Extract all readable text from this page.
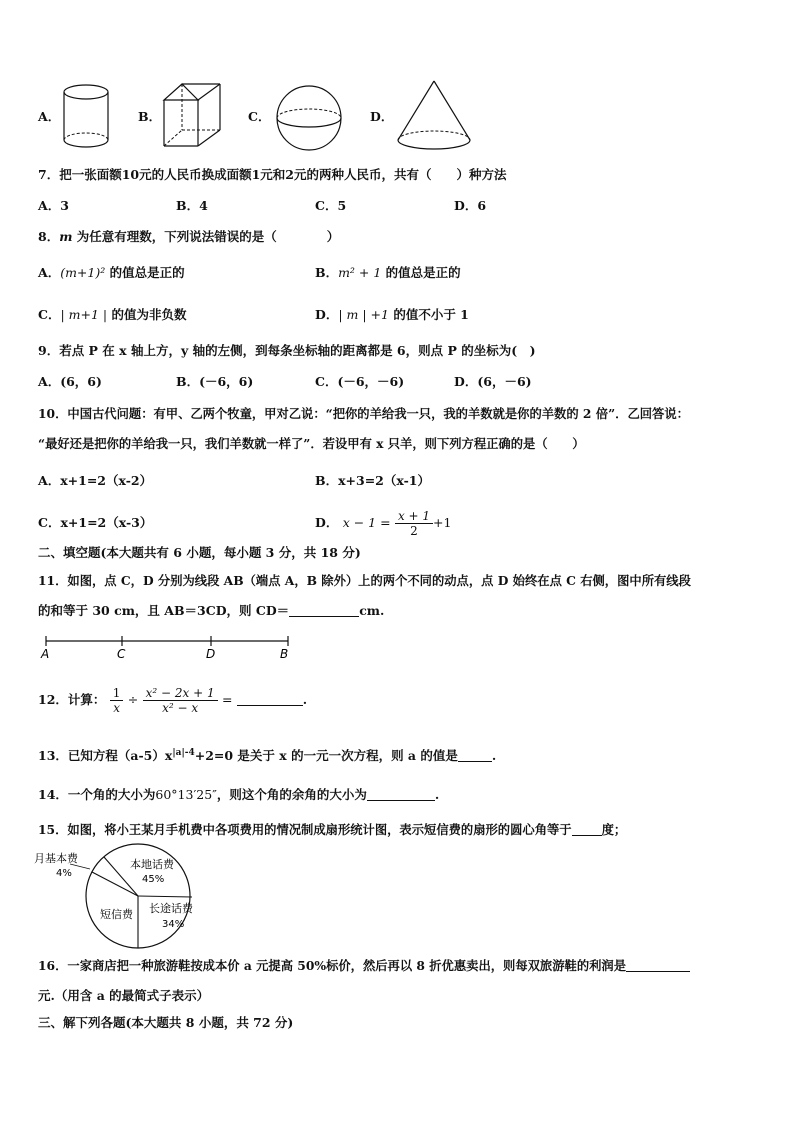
A．	B．	C．	D．
7．把一张面额10元的人民币换成面额1元和2元的两种人民币，共有（　　）种方法
A．3	B．4	C．5	D．6
8．m 为任意有理数，下列说法错误的是（　　　　）
A．(m+1)² 的值总是正的	B．m² + 1 的值总是正的
C．| m+1 | 的值为非负数	D．| m | +1 的值不小于 1
9．若点 P 在 x 轴上方，y 轴的左侧，到每条坐标轴的距离都是 6，则点 P 的坐标为(　)
A．(6，6)	B．(－6，6)	C．(－6，－6)	D．(6，－6)
10．中国古代问题：有甲、乙两个牧童，甲对乙说：“把你的羊给我一只，我的羊数就是你的羊数的 2 倍”．乙回答说：
“最好还是把你的羊给我一只，我们羊数就一样了”．若设甲有 x 只羊，则下列方程正确的是（　　）
A．x+1=2（x-2）	B．x+3=2（x-1）
C．x+1=2（x-3）	D． $x - 1 = \frac{x + 1}{2} +1$
二、填空题(本大题共有 6 小题，每小题 3 分，共 18 分)
11．如图，点 C，D 分别为线段 AB（端点 A，B 除外）上的两个不同的动点，点 D 始终在点 C 右侧，图中所有线段
的和等于 30 cm，且 AB＝3CD，则 CD＝	cm.
A	C	D	B
12．计算： $\frac{1}{x} \div \frac{\text{x² − 2x + 1}}{\text{x² − x}}$ =	.
13．已知方程$(a-5)x^{|a|-4}+2=0$ 是关于 x 的一元一次方程，则 a 的值是	.
14．一个角的大小为60°13′25″，则这个角的余角的大小为	.
15．如图，将小王某月手机费中各项费用的情况制成扇形统计图，表示短信费的扇形的圆心角等于 度；
月基本费
4%
本地话费
45%
短信费 长途话费
34%
16．一家商店把一种旅游鞋按成本价 a 元提高 50%标价，然后再以 8 折优惠卖出，则每双旅游鞋的利润是
元.（用含 a 的最简式子表示）
三、解下列各题(本大题共 8 小题，共 72 分)
